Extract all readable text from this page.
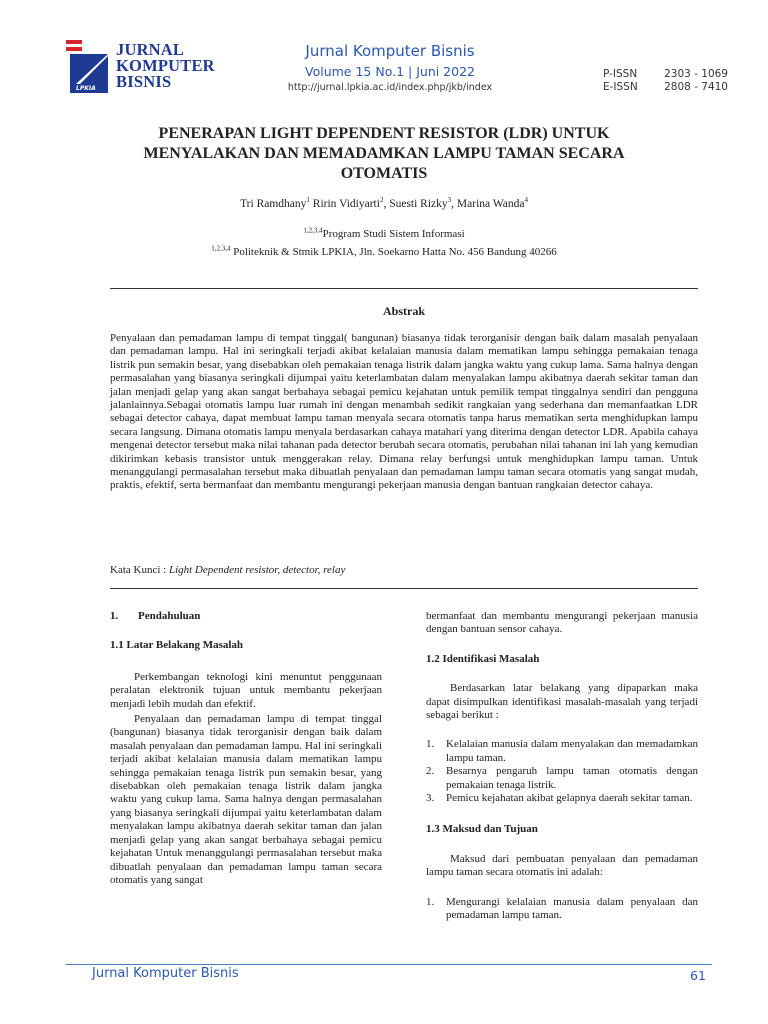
LPKIA
JURNAL
KOMPUTER
BISNIS
Jurnal Komputer Bisnis
Volume 15 No.1 | Juni 2022
http://jurnal.lpkia.ac.id/index.php/jkb/index
P-ISSN	2303 - 1069
E-ISSN	2808 - 7410
PENERAPAN LIGHT DEPENDENT RESISTOR (LDR) UNTUK
MENYALAKAN DAN MEMADAMKAN LAMPU TAMAN SECARA
OTOMATIS
Tri Ramdhany$^1$ Ririn Vidiyarti$^2$, Suesti Rizky$^3$, Marina Wanda$^4$
$^{1,2,3,4}$Program Studi Sistem Informasi
$^{1,2,3,4}$ Politeknik & Stmik LPKIA, Jln. Soekarno Hatta No. 456 Bandung 40266
Abstrak
Penyalaan dan pemadaman lampu di tempat tinggal( bangunan) biasanya tidak terorganisir dengan baik dalam masalah penyalaan dan pemadaman lampu. Hal ini seringkali terjadi akibat kelalaian manusia dalam mematikan lampu sehingga pemakaian tenaga listrik pun semakin besar, yang disebabkan oleh pemakaian tenaga listrik dalam jangka waktu yang cukup lama. Sama halnya dengan permasalahan yang biasanya seringkali dijumpai yaitu keterlambatan dalam menyalakan lampu akibatnya daerah sekitar taman dan jalan menjadi gelap yang akan sangat berbahaya sebagai pemicu kejahatan untuk pemilik tempat tinggalnya sendiri dan pengguna jalanlainnya.Sebagai otomatis lampu luar rumah ini dengan menambah sedikit rangkaian yang sederhana dan memanfaatkan LDR sebagai detector cahaya, dapat membuat lampu taman menyala secara otomatis tanpa harus mematikan serta menghidupkan lampu secara langsung. Dimana otomatis lampu menyala berdasarkan cahaya matahari yang diterima dengan detector LDR. Apabila cahaya mengenai detector tersebut maka nilai tahanan pada detector berubah secara otomatis, perubahan nilai tahanan ini lah yang kemudian dikirimkan kebasis transistor untuk menggerakan relay. Dimana relay berfungsi untuk menghidupkan lampu taman. Untuk menanggulangi permasalahan tersebut maka dibuatlah penyalaan dan pemadaman lampu taman secara otomatis yang sangat mudah, praktis, efektif, serta bermanfaat dan membantu mengurangi pekerjaan manusia dengan bantuan rangkaian detector cahaya.
Kata Kunci : Light Dependent resistor, detector, relay
1. Pendahuluan
1.1 Latar Belakang Masalah

Perkembangan teknologi kini menuntut penggunaan peralatan elektronik tujuan untuk membantu pekerjaan menjadi lebih mudah dan efektif.

Penyalaan dan pemadaman lampu di tempat tinggal (bangunan) biasanya tidak terorganisir dengan baik dalam masalah penyalaan dan pemadaman lampu. Hal ini seringkali terjadi akibat kelalaian manusia dalam mematikan lampu sehingga pemakaian tenaga listrik pun semakin besar, yang disebabkan oleh pemakaian tenaga listrik dalam jangka waktu yang cukup lama. Sama halnya dengan permasalahan yang biasanya seringkali dijumpai yaitu keterlambatan dalam menyalakan lampu akibatnya daerah sekitar taman dan jalan menjadi gelap yang akan sangat berbahaya sebagai pemicu kejahatan Untuk menanggulangi permasalahan tersebut maka dibuatlah penyalaan dan pemadaman lampu taman secara otomatis yang sangat

bermanfaat dan membantu mengurangi pekerjaan manusia dengan bantuan sensor cahaya.

1.2 Identifikasi Masalah

Berdasarkan latar belakang yang dipaparkan maka dapat disimpulkan identifikasi masalah-masalah yang terjadi sebagai berikut :

1.	Kelalaian manusia dalam menyalakan dan memadamkan lampu taman.
2.	Besarnya pengaruh lampu taman otomatis dengan pemakaian tenaga listrik.
3.	Pemicu kejahatan akibat gelapnya daerah sekitar taman.
1.3 Maksud dan Tujuan

Maksud dari pembuatan penyalaan dan pemadaman lampu taman secara otomatis ini adalah:

1.	Mengurangi kelalaian manusia dalam penyalaan dan pemadaman lampu taman.
Jurnal Komputer Bisnis	61
